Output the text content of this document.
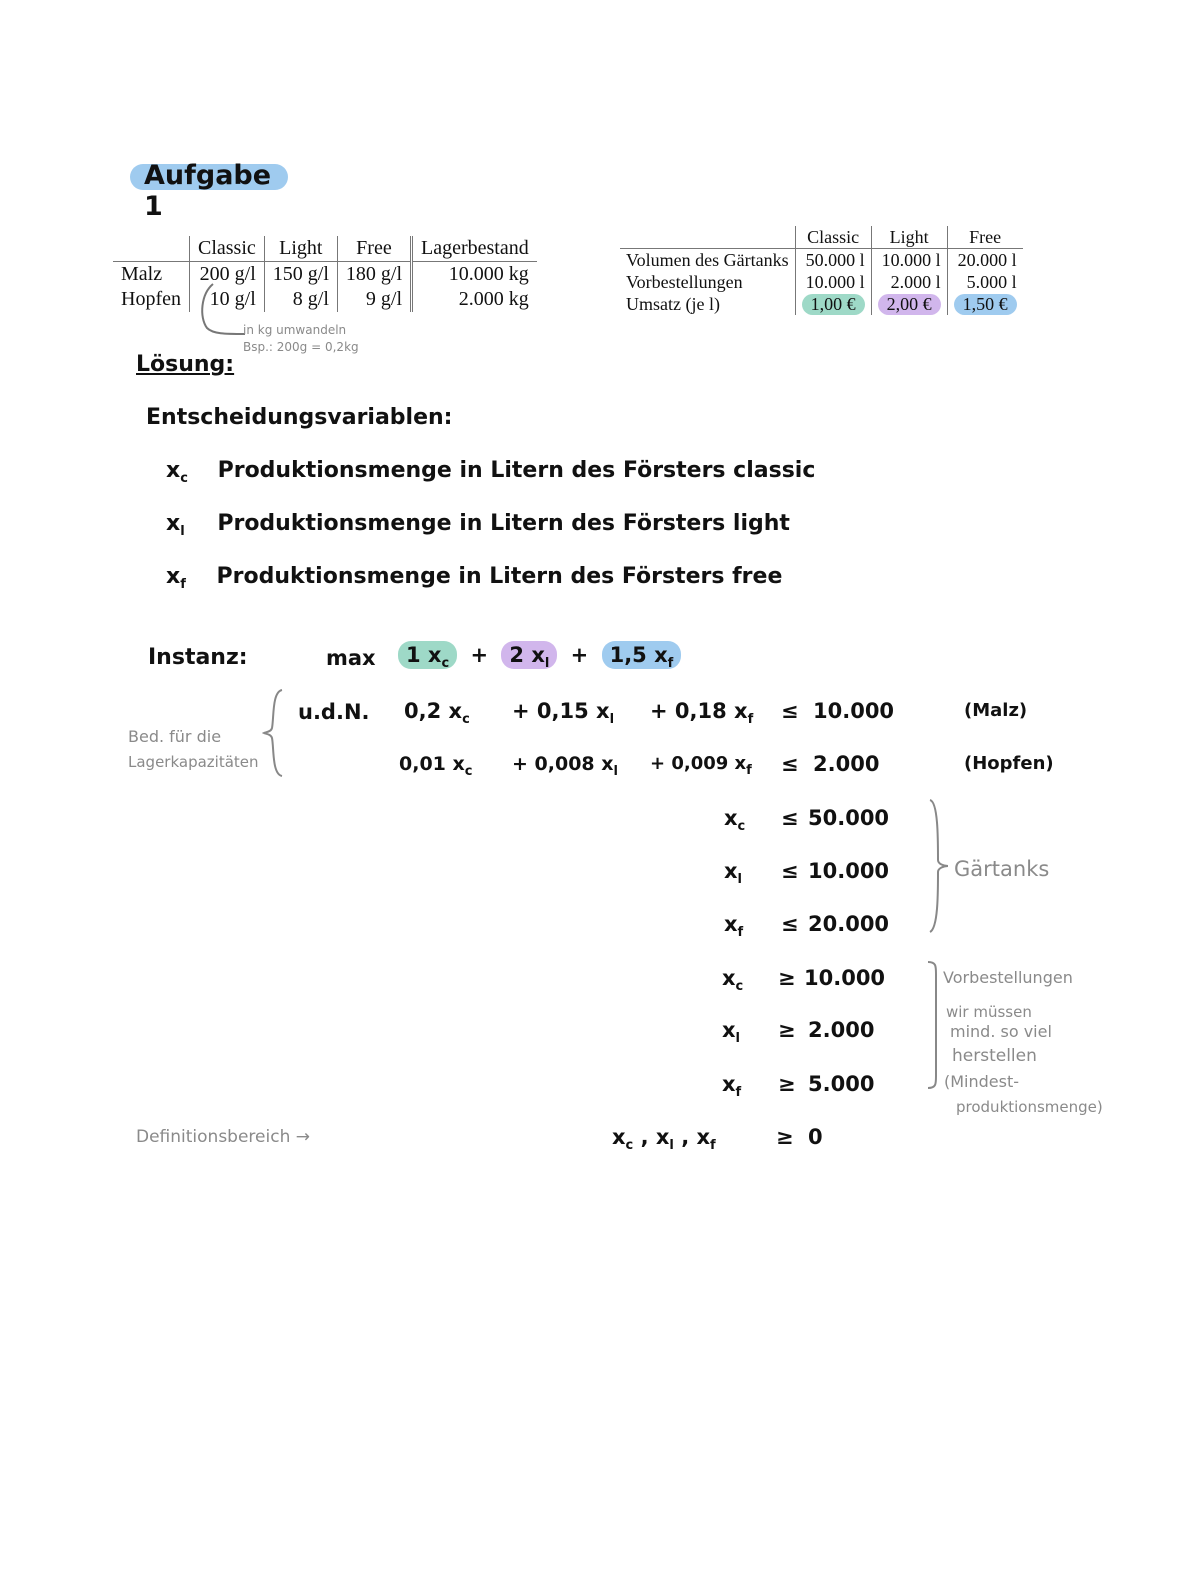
Aufgabe 1
	Classic	Light	Free	Lagerbestand
Malz	200 g/l	150 g/l	180 g/l	10.000 kg
Hopfen	10 g/l	8 g/l	9 g/l	2.000 kg
in kg umwandeln
Bsp.: 200g = 0,2kg
	Classic	Light	Free
Volumen des Gärtanks	50.000 l	10.000 l	20.000 l
Vorbestellungen	10.000 l	2.000 l	5.000 l
Umsatz (je l)	1,00 €	2,00 €	1,50 €
Lösung:
Entscheidungsvariablen:
$x_c$ Produktionsmenge in Litern des Försters classic
$x_l$ Produktionsmenge in Litern des Försters light
$x_f$ Produktionsmenge in Litern des Försters free
Instanz:	max	1 $x_c + 2$ $x_l + 1,5$ $x_f$
Bed. für die
Lagerkapazitäten
u.d.N. 0,2 $x_c + 0,15$ $x_l + 0,18$ $x_f \le 10.000$	(Malz)
0,01 $x_c + 0,008$ $x_l + 0,009$ $x_f \le 2.000$	(Hopfen)
$x_c \le 50.000$
$x_l \le 10.000$
$x_f \le 20.000$
Gärtanks
$x_c \ge 10.000$
$x_l \ge 2.000$
$x_f \ge 5.000$
Vorbestellungen
wir müssen
mind. so viel
herstellen
(Mindest-
produktionsmenge)
Definitionsbereich →	$x_c$ , $x_l$ , $x_f$	≥ 0
